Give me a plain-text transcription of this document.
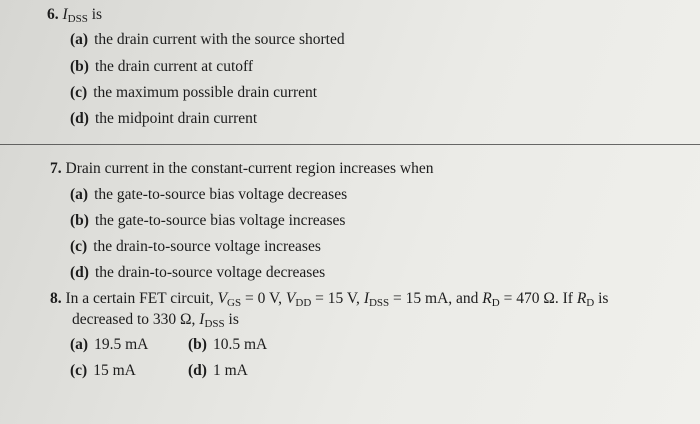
6. $I_{DSS}$ is
(a) the drain current with the source shorted
(b) the drain current at cutoff
(c) the maximum possible drain current
(d) the midpoint drain current
7. Drain current in the constant-current region increases when
(a) the gate-to-source bias voltage decreases
(b) the gate-to-source bias voltage increases
(c) the drain-to-source voltage increases
(d) the drain-to-source voltage decreases
8. In a certain FET circuit, $V_{GS} = 0$ V, $V_{DD} = 15$ V, $I_{DSS} = 15$ mA, and $R_D = 470$ Ω. If $R_D$ is
decreased to 330 Ω, $I_{DSS}$ is
(a) 19.5 mA	(b) 10.5 mA
(c) 15 mA	(d) 1 mA
